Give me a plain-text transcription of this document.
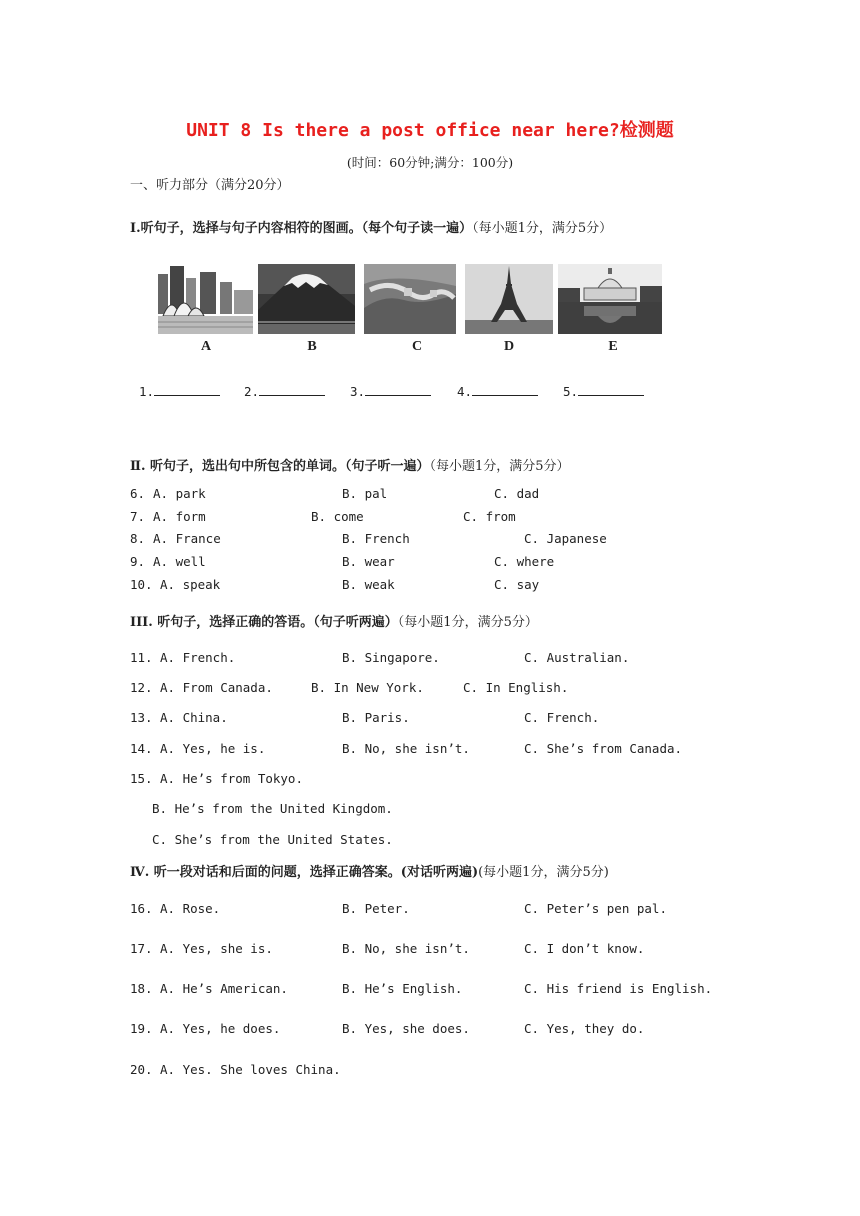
UNIT 8 Is there a post office near here?检测题
(时间：60分钟;满分：100分)
一、听力部分（满分20分）
Ⅰ.听句子，选择与句子内容相符的图画。（每个句子读一遍）（每小题1分，满分5分）
A	B	C	D	E
1.	2.	3.	4.	5.
Ⅱ. 听句子，选出句中所包含的单词。（句子听一遍）（每小题1分，满分5分）
6. A. park	B. pal	C. dad
7. A. form	B. come	C. from
8. A. France	B. French	C. Japanese
9. A. well	B. wear	C. where
10. A. speak	B. weak	C. say
III. 听句子，选择正确的答语。（句子听两遍）（每小题1分，满分5分）
11. A. French.	B. Singapore.	C. Australian.
12. A. From Canada.	B. In New York.	C. In English.
13. A. China.	B. Paris.	C. French.
14. A. Yes, he is.	B. No, she isn’t.	C. She’s from Canada.
15. A. He’s from Tokyo.
B. He’s from the United Kingdom.
C. She’s from the United States.
Ⅳ. 听一段对话和后面的问题，选择正确答案。(对话听两遍)(每小题1分，满分5分)
16. A. Rose.	B. Peter.	C. Peter’s pen pal.
17. A. Yes, she is.	B. No, she isn’t.	C. I don’t know.
18. A. He’s American.	B. He’s English.	C. His friend is English.
19. A. Yes, he does.	B. Yes, she does.	C. Yes, they do.
20. A. Yes. She loves China.
